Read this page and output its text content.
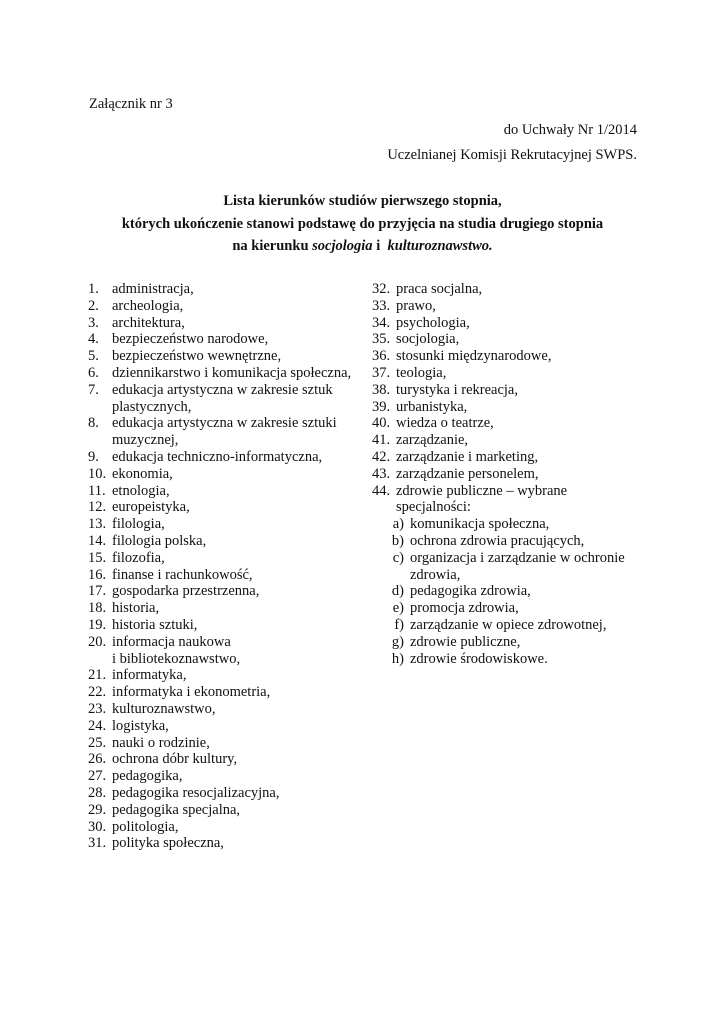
Załącznik nr 3
do Uchwały Nr 1/2014
Uczelnianej Komisji Rekrutacyjnej SWPS.
Lista kierunków studiów pierwszego stopnia,
których ukończenie stanowi podstawę do przyjęcia na studia drugiego stopnia
na kierunku socjologia i  kulturoznawstwo.
1. administracja,
2. archeologia,
3. architektura,
4. bezpieczeństwo narodowe,
5. bezpieczeństwo wewnętrzne,
6. dziennikarstwo i komunikacja społeczna,
7. edukacja artystyczna w zakresie sztuk
plastycznych,
8. edukacja artystyczna w zakresie sztuki
muzycznej,
9. edukacja techniczno-informatyczna,
10. ekonomia,
11. etnologia,
12. europeistyka,
13. filologia,
14. filologia polska,
15. filozofia,
16. finanse i rachunkowość,
17. gospodarka przestrzenna,
18. historia,
19. historia sztuki,
20. informacja naukowa
i bibliotekoznawstwo,
21. informatyka,
22. informatyka i ekonometria,
23. kulturoznawstwo,
24. logistyka,
25. nauki o rodzinie,
26. ochrona dóbr kultury,
27. pedagogika,
28. pedagogika resocjalizacyjna,
29. pedagogika specjalna,
30. politologia,
31. polityka społeczna,
32. praca socjalna,
33. prawo,
34. psychologia,
35. socjologia,
36. stosunki międzynarodowe,
37. teologia,
38. turystyka i rekreacja,
39. urbanistyka,
40. wiedza o teatrze,
41. zarządzanie,
42. zarządzanie i marketing,
43. zarządzanie personelem,
44. zdrowie publiczne – wybrane
specjalności:
a) komunikacja społeczna,
b) ochrona zdrowia pracujących,
c) organizacja i zarządzanie w ochronie
zdrowia,
d) pedagogika zdrowia,
e) promocja zdrowia,
f) zarządzanie w opiece zdrowotnej,
g) zdrowie publiczne,
h) zdrowie środowiskowe.
